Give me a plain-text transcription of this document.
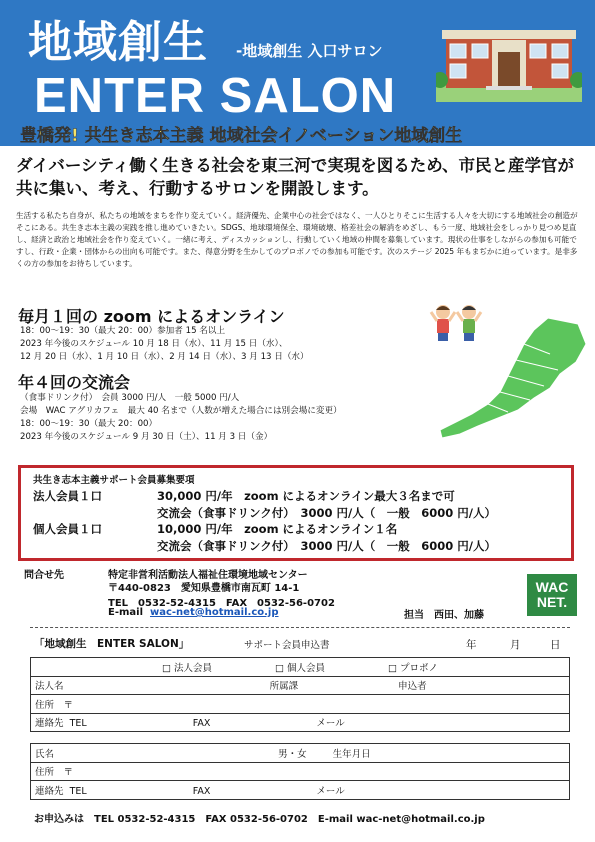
地域創生 -地域創生 入口サロン
ENTER SALON
豊橋発! 共生き志本主義 地域社会イノベーション地域創生
ダイバーシティ働く生きる社会を東三河で実現を図るため、市民と産学官が共に集い、考え、行動するサロンを開設します。
生活する私たち自身が、私たちの地域をまちを作り変えていく。経済優先、企業中心の社会ではなく、一人ひとりそこに生活する人々を大切にする地域社会の創造がそこにある。共生き志本主義の実践を推し進めていきたい。SDGS、地球環境保全、環境破壊、格差社会の解消をめざし、もう一度、地域社会をしっかり見つめ見直し、経済と政治と地域社会を作り変えていく。一緒に考え、ディスカッションし、行動していく地域の仲間を募集しています。現状の仕事をしながらの参加も可能ですし、行政・企業・団体からの出向も可能です。また、得意分野を生かしてのプロボノでの参加も可能です。次のステージ 2025 年もまぢかに迫っています。是非多くの方の参加をお待ちしています。
毎月１回の zoom によるオンライン
18：00～19：30（最大 20：00）参加者 15 名以上
2023 年今後のスケジュール 10 月 18 日（水）、11 月 15 日（水）、
12 月 20 日（水）、1 月 10 日（水）、2 月 14 日（水）、3 月 13 日（水）
年４回の交流会
（食事ドリンク付）　会員 3000 円/人　一般 5000 円/人
会場　WAC アグリカフェ　最大 40 名まで（人数が増えた場合には別会場に変更）
18：00～19：30（最大 20：00）
2023 年今後のスケジュール 9 月 30 日（土）、11 月 3 日（金）
共生き志本主義サポート会員募集要項
法人会員１口	30,000 円/年　zoom によるオンライン最大３名まで可
交流会（食事ドリンク付）　3000 円/人（　一般　6000 円/人）
個人会員１口	10,000 円/年　zoom によるオンライン１名
交流会（食事ドリンク付）　3000 円/人（　一般　6000 円/人）
問合せ先	特定非営利活動法人福祉住環境地域センター
〒440-0823　愛知県豊橋市南瓦町 14-1
TEL　0532-52-4315　FAX　0532-56-0702
E-mail wac-net@hotmail.co.jp	担当　西田、加藤
WAC
NET.
「地域創生　ENTER SALON」	サポート会員申込書	年	月	日
□ 法人会員	□ 個人会員	□ プロボノ
法人名	所属課	申込者
住所　〒
連絡先 TEL	FAX	メール

氏名	男・女	生年月日
住所　〒
連絡先 TEL	FAX	メール
お申込みは　TEL 0532-52-4315　FAX 0532-56-0702　E-mail wac-net@hotmail.co.jp
